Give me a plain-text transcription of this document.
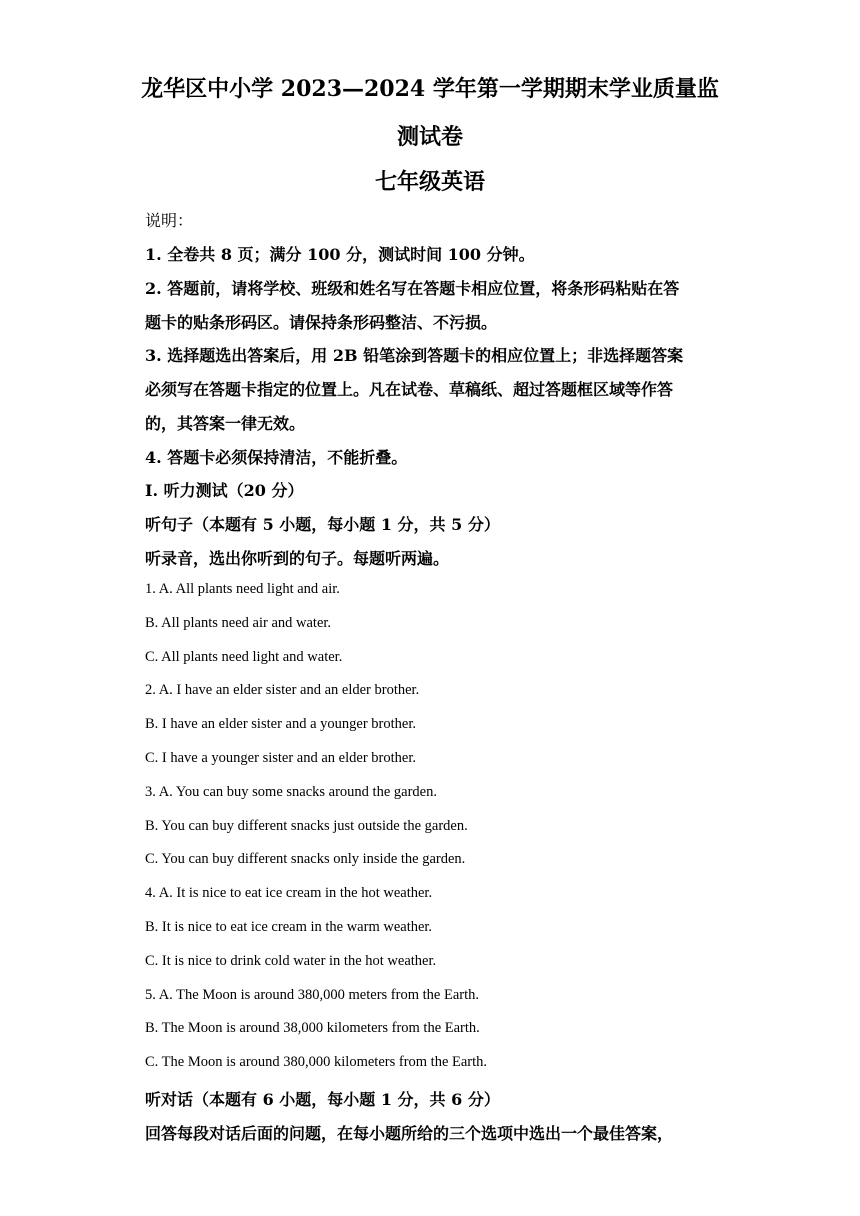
龙华区中小学 2023—2024 学年第一学期期末学业质量监
测试卷
七年级英语
说明：
1. 全卷共 8 页；满分 100 分，测试时间 100 分钟。
2. 答题前，请将学校、班级和姓名写在答题卡相应位置，将条形码粘贴在答
题卡的贴条形码区。请保持条形码整洁、不污损。
3. 选择题选出答案后，用 2B 铅笔涂到答题卡的相应位置上；非选择题答案
必须写在答题卡指定的位置上。凡在试卷、草稿纸、超过答题框区域等作答
的，其答案一律无效。
4. 答题卡必须保持清洁，不能折叠。
Ⅰ. 听力测试（20 分）
听句子（本题有 5 小题，每小题 1 分，共 5 分）
听录音，选出你听到的句子。每题听两遍。
1. A. All plants need light and air.
B. All plants need air and water.
C. All plants need light and water.
2. A. I have an elder sister and an elder brother.
B. I have an elder sister and a younger brother.
C. I have a younger sister and an elder brother.
3. A. You can buy some snacks around the garden.
B. You can buy different snacks just outside the garden.
C. You can buy different snacks only inside the garden.
4. A. It is nice to eat ice cream in the hot weather.
B. It is nice to eat ice cream in the warm weather.
C. It is nice to drink cold water in the hot weather.
5. A. The Moon is around 380,000 meters from the Earth.
B. The Moon is around 38,000 kilometers from the Earth.
C. The Moon is around 380,000 kilometers from the Earth.
听对话（本题有 6 小题，每小题 1 分，共 6 分）
回答每段对话后面的问题，在每小题所给的三个选项中选出一个最佳答案，
